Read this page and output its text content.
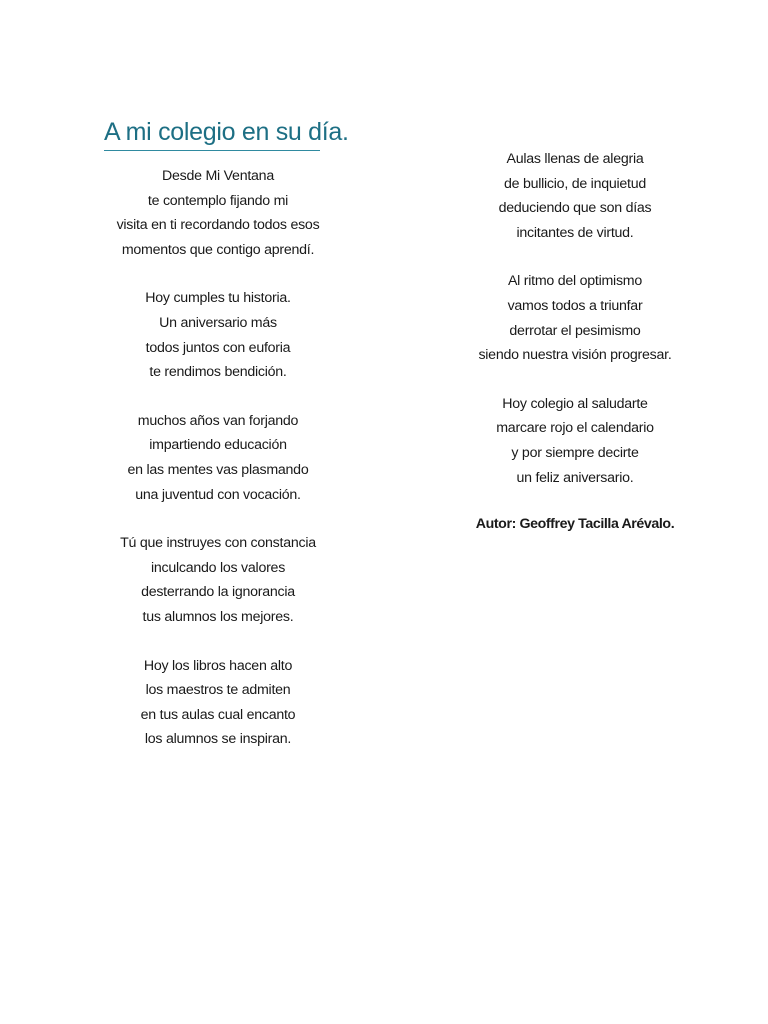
A mi colegio en su día.

Desde Mi Ventana
te contemplo fijando mi
visita en ti recordando todos esos
momentos que contigo aprendí.

Hoy cumples tu historia.
Un aniversario más
todos juntos con euforia
te rendimos bendición.

muchos años van forjando
impartiendo educación
en las mentes vas plasmando
una juventud con vocación.

Tú que instruyes con constancia
inculcando los valores
desterrando la ignorancia
tus alumnos los mejores.

Hoy los libros hacen alto
los maestros te admiten
en tus aulas cual encanto
los alumnos se inspiran.

Aulas llenas de alegria
de bullicio, de inquietud
deduciendo que son días
incitantes de virtud.

Al ritmo del optimismo
vamos todos a triunfar
derrotar el pesimismo
siendo nuestra visión progresar.

Hoy colegio al saludarte
marcare rojo el calendario
y por siempre decirte
un feliz aniversario.

Autor: Geoffrey Tacilla Arévalo.
